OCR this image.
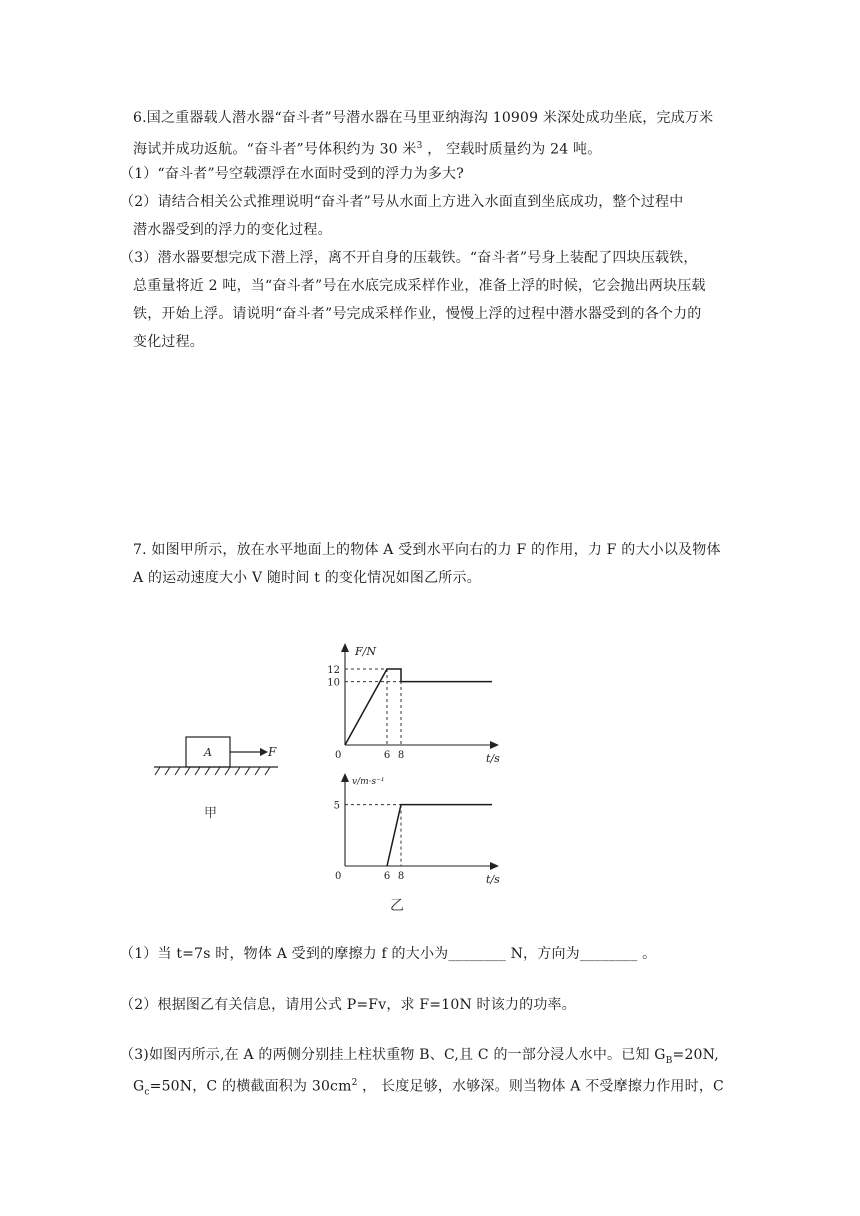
6.国之重器载人潜水器“奋斗者”号潜水器在马里亚纳海沟 10909 米深处成功坐底，完成万米

海试并成功返航。“奋斗者”号体积约为 30 米$^3$ ， 空载时质量约为 24 吨。

（1）“奋斗者”号空载漂浮在水面时受到的浮力为多大?

（2）请结合相关公式推理说明“奋斗者”号从水面上方进入水面直到坐底成功，整个过程中

潜水器受到的浮力的变化过程。

（3）潜水器要想完成下潜上浮，离不开自身的压载铁。“奋斗者”号身上装配了四块压载铁，

总重量将近 2 吨，当“奋斗者”号在水底完成采样作业，准备上浮的时候，它会抛出两块压载

铁，开始上浮。请说明“奋斗者”号完成采样作业，慢慢上浮的过程中潜水器受到的各个力的

变化过程。

7. 如图甲所示，放在水平地面上的物体 A 受到水平向右的力 F 的作用，力 F 的大小以及物体

A 的运动速度大小 V 随时间 t 的变化情况如图乙所示。

A	F
甲
F/N
t/s
0
10
12
6 8
v/m·s⁻¹
t/s
0
5
6 8
乙

（1）当 t=7s 时，物体 A 受到的摩擦力 f 的大小为________ N，方向为________ 。

（2）根据图乙有关信息，请用公式 P=Fv，求 F=10N 时该力的功率。

（3)如图丙所示,在 A 的两侧分别挂上柱状重物 B、C,且 C 的一部分浸人水中。已知 $G_B=20N$,

$G_c=50N$，C 的横截面积为 $30cm^2$ ， 长度足够，水够深。则当物体 A 不受摩擦力作用时，C
